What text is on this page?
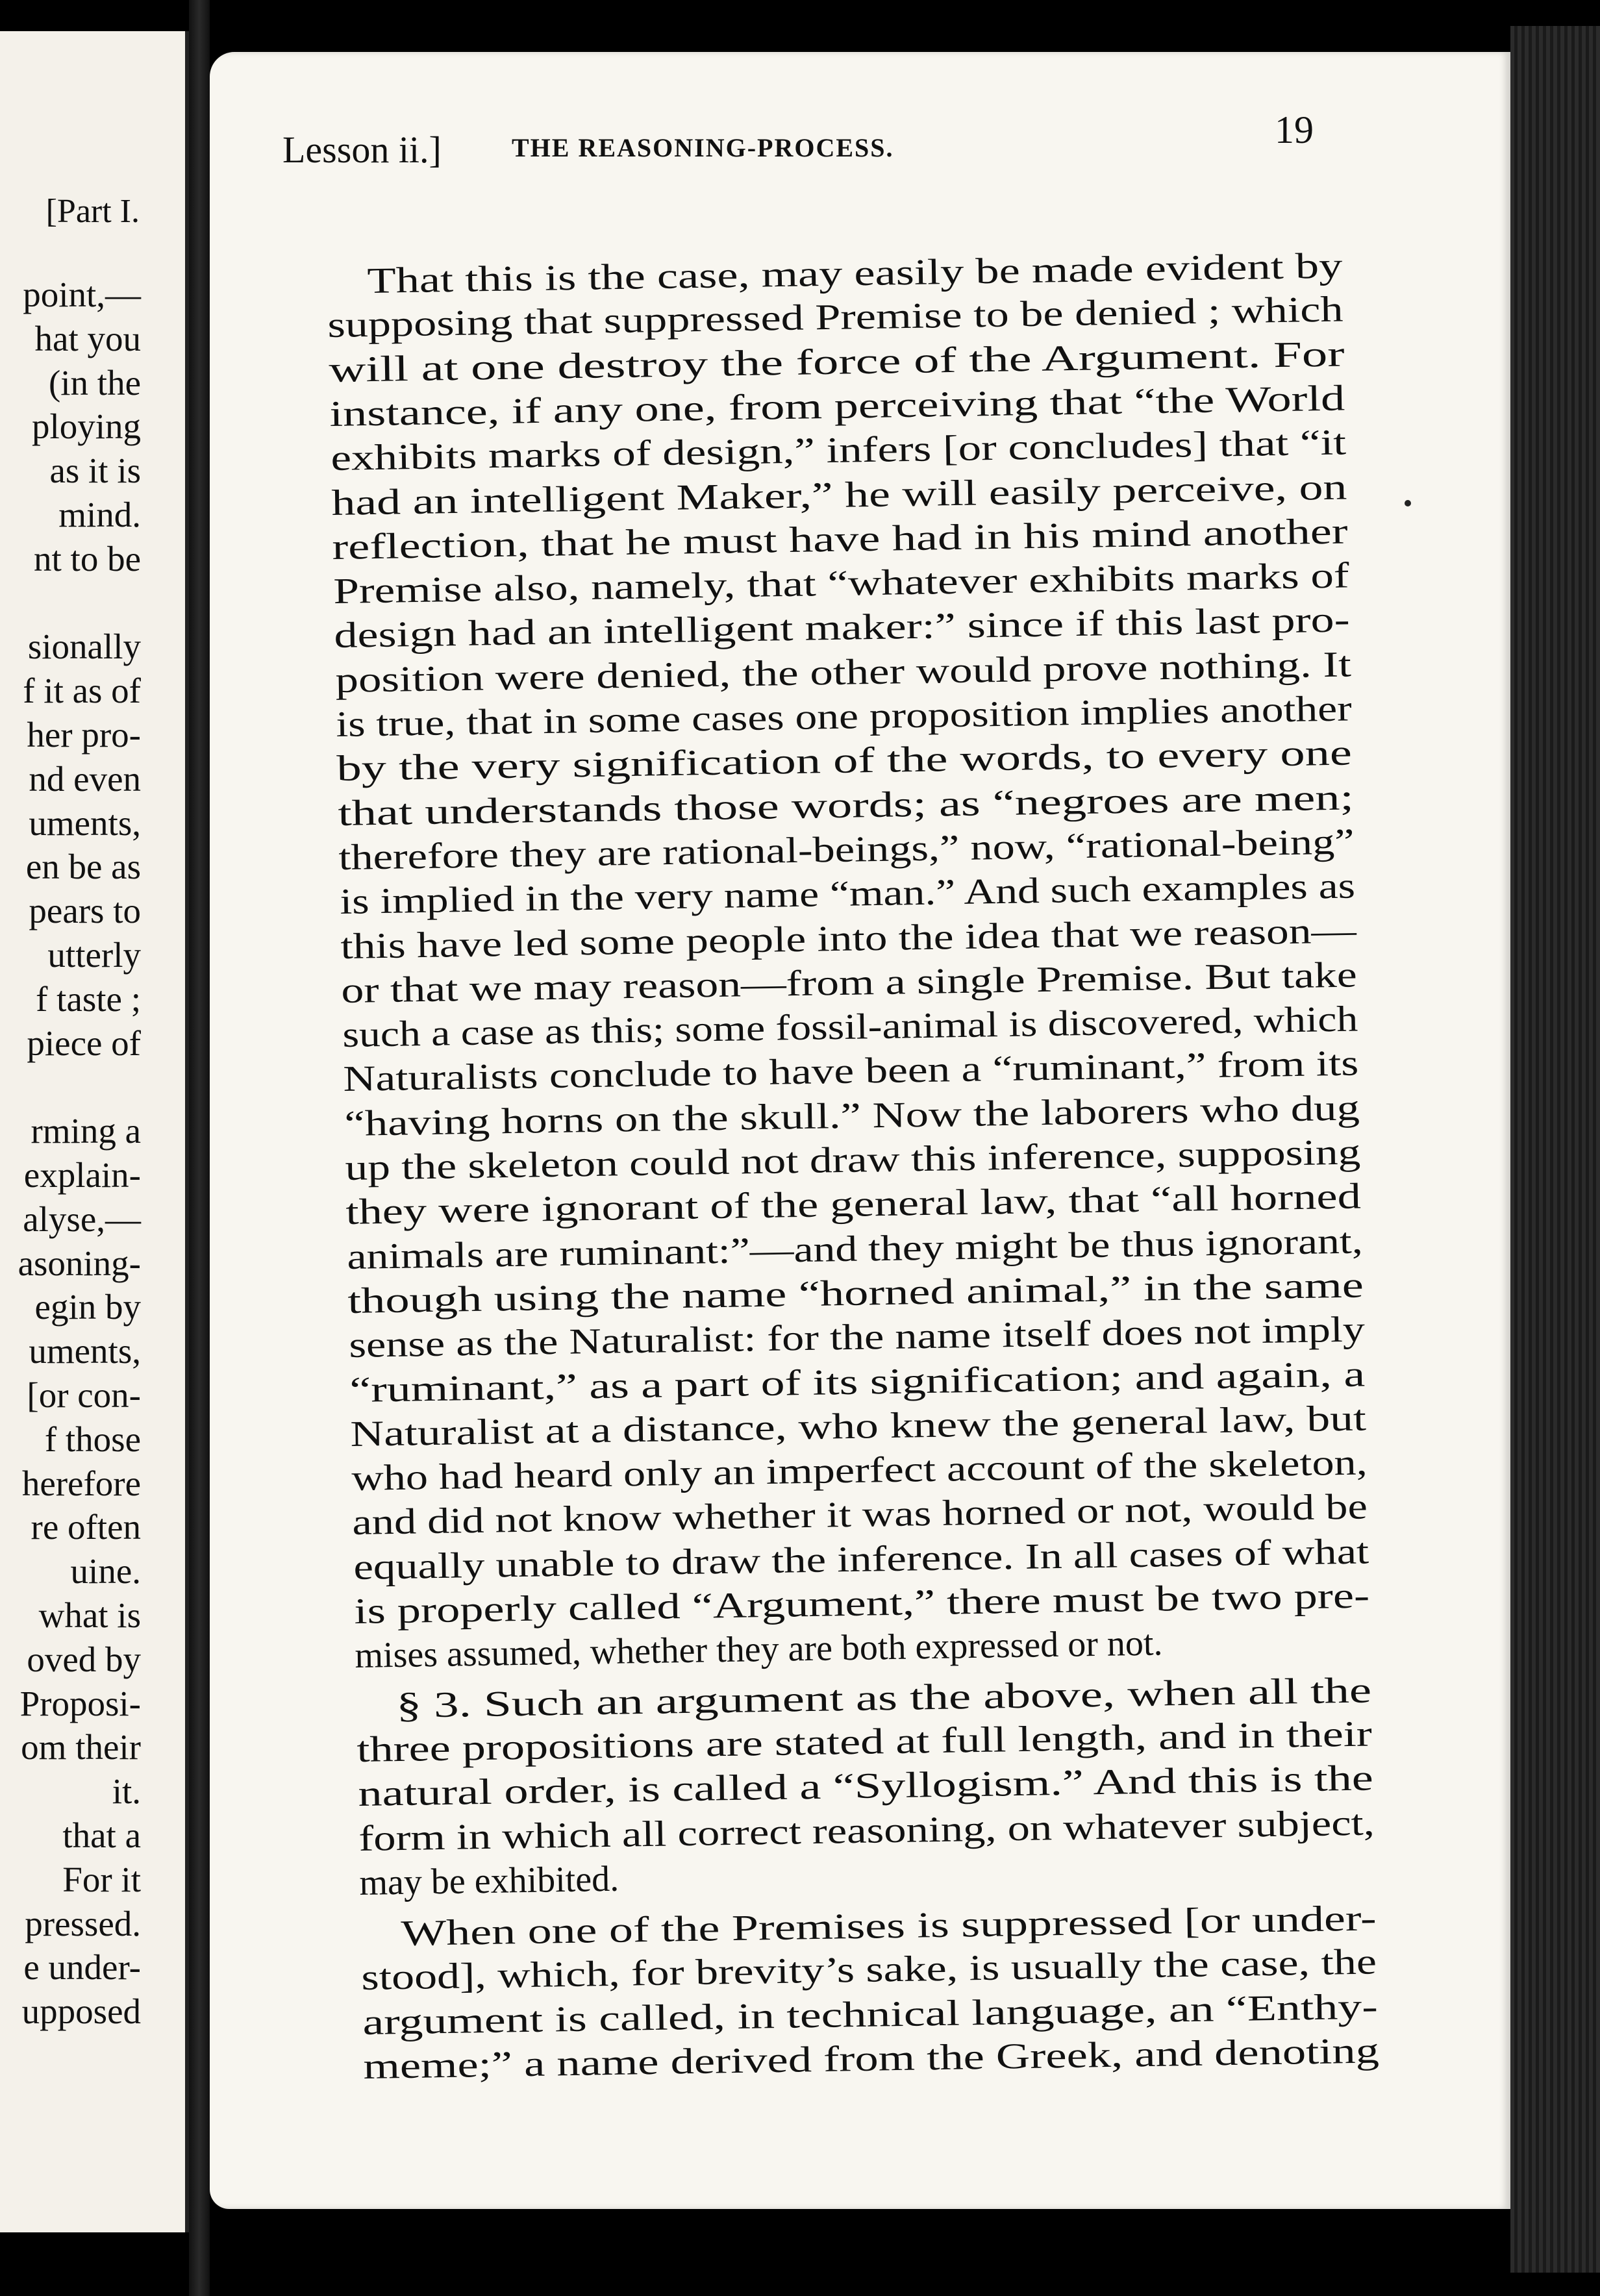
[Part I.
point,—
hat you
(in the
ploying
as it is
mind.
nt to be
sionally
f it as of
her pro-
nd even
uments,
en be as
pears to
utterly
f taste ;
piece of
rming a
explain-
alyse,—
asoning-
egin by
uments,
[or con-
f those
herefore
re often
uine.
what is
oved by
Proposi-
om their
it.
that a
For it
pressed.
e under-
upposed
Lesson ii.]	THE REASONING-PROCESS.	19
That this is the case, may easily be made evident by
supposing that suppressed Premise to be denied ; which
will at one destroy the force of the Argument. For
instance, if any one, from perceiving that “the World
exhibits marks of design,” infers [or concludes] that “it
had an intelligent Maker,” he will easily perceive, on
reflection, that he must have had in his mind another
Premise also, namely, that “whatever exhibits marks of
design had an intelligent maker:” since if this last pro-
position were denied, the other would prove nothing. It
is true, that in some cases one proposition implies another
by the very signification of the words, to every one
that understands those words; as “negroes are men;
therefore they are rational-beings,” now, “rational-being”
is implied in the very name “man.” And such examples as
this have led some people into the idea that we reason—
or that we may reason—from a single Premise. But take
such a case as this; some fossil-animal is discovered, which
Naturalists conclude to have been a “ruminant,” from its
“having horns on the skull.” Now the laborers who dug
up the skeleton could not draw this inference, supposing
they were ignorant of the general law, that “all horned
animals are ruminant:”—and they might be thus ignorant,
though using the name “horned animal,” in the same
sense as the Naturalist: for the name itself does not imply
“ruminant,” as a part of its signification; and again, a
Naturalist at a distance, who knew the general law, but
who had heard only an imperfect account of the skeleton,
and did not know whether it was horned or not, would be
equally unable to draw the inference. In all cases of what
is properly called “Argument,” there must be two pre-
mises assumed, whether they are both expressed or not.
§ 3. Such an argument as the above, when all the
three propositions are stated at full length, and in their
natural order, is called a “Syllogism.” And this is the
form in which all correct reasoning, on whatever subject,
may be exhibited.
When one of the Premises is suppressed [or under-
stood], which, for brevity’s sake, is usually the case, the
argument is called, in technical language, an “Enthy-
meme;” a name derived from the Greek, and denoting
